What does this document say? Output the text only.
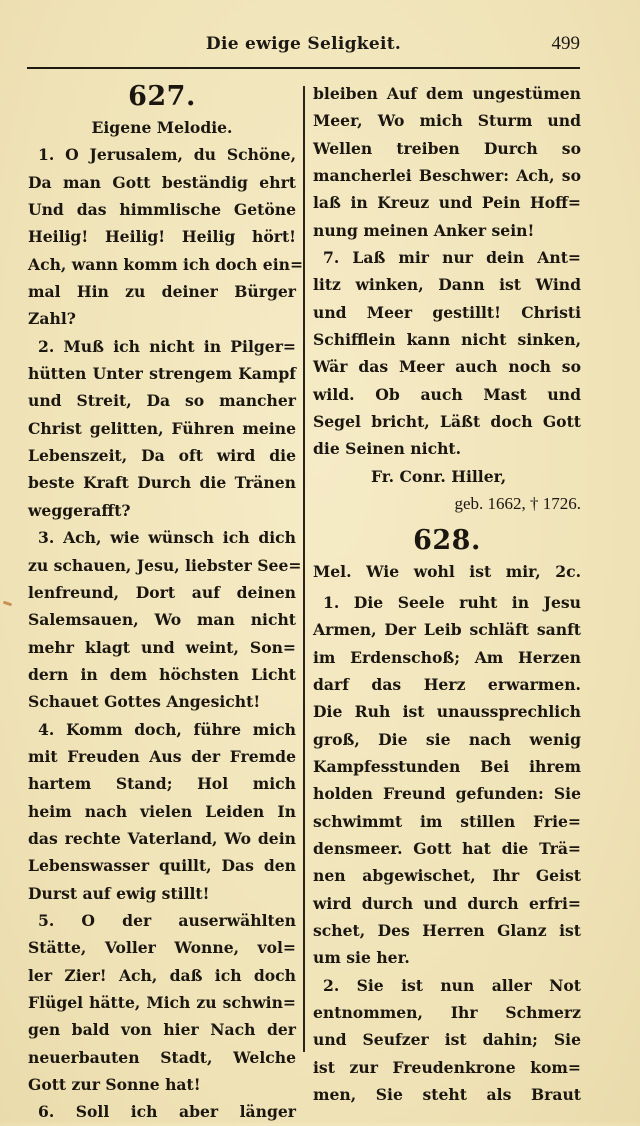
Die ewige Seligkeit.	499
627.
Eigene Melodie.
1. O Jerusalem, du Schöne,
Da man Gott beständig ehrt
Und das himmlische Getöne
Heilig! Heilig! Heilig hört!
Ach, wann komm ich doch ein=
mal Hin zu deiner Bürger
Zahl?
2. Muß ich nicht in Pilger=
hütten Unter strengem Kampf
und Streit, Da so mancher
Christ gelitten, Führen meine
Lebenszeit, Da oft wird die
beste Kraft Durch die Tränen
weggerafft?
3. Ach, wie wünsch ich dich
zu schauen, Jesu, liebster See=
lenfreund, Dort auf deinen
Salemsauen, Wo man nicht
mehr klagt und weint, Son=
dern in dem höchsten Licht
Schauet Gottes Angesicht!
4. Komm doch, führe mich
mit Freuden Aus der Fremde
hartem Stand; Hol mich
heim nach vielen Leiden In
das rechte Vaterland, Wo dein
Lebenswasser quillt, Das den
Durst auf ewig stillt!
5. O der auserwählten
Stätte, Voller Wonne, vol=
ler Zier! Ach, daß ich doch
Flügel hätte, Mich zu schwin=
gen bald von hier Nach der
neuerbauten Stadt, Welche
Gott zur Sonne hat!
6. Soll ich aber länger
bleiben Auf dem ungestümen
Meer, Wo mich Sturm und
Wellen treiben Durch so
mancherlei Beschwer: Ach, so
laß in Kreuz und Pein Hoff=
nung meinen Anker sein!
7. Laß mir nur dein Ant=
litz winken, Dann ist Wind
und Meer gestillt! Christi
Schifflein kann nicht sinken,
Wär das Meer auch noch so
wild. Ob auch Mast und
Segel bricht, Läßt doch Gott
die Seinen nicht.
Fr. Conr. Hiller,
geb. 1662, † 1726.
628.
Mel. Wie wohl ist mir, 2c.
1. Die Seele ruht in Jesu
Armen, Der Leib schläft sanft
im Erdenschoß; Am Herzen
darf das Herz erwarmen.
Die Ruh ist unaussprechlich
groß, Die sie nach wenig
Kampfesstunden Bei ihrem
holden Freund gefunden: Sie
schwimmt im stillen Frie=
densmeer. Gott hat die Trä=
nen abgewischet, Ihr Geist
wird durch und durch erfri=
schet, Des Herren Glanz ist
um sie her.
2. Sie ist nun aller Not
entnommen, Ihr Schmerz
und Seufzer ist dahin; Sie
ist zur Freudenkrone kom=
men, Sie steht als Braut
